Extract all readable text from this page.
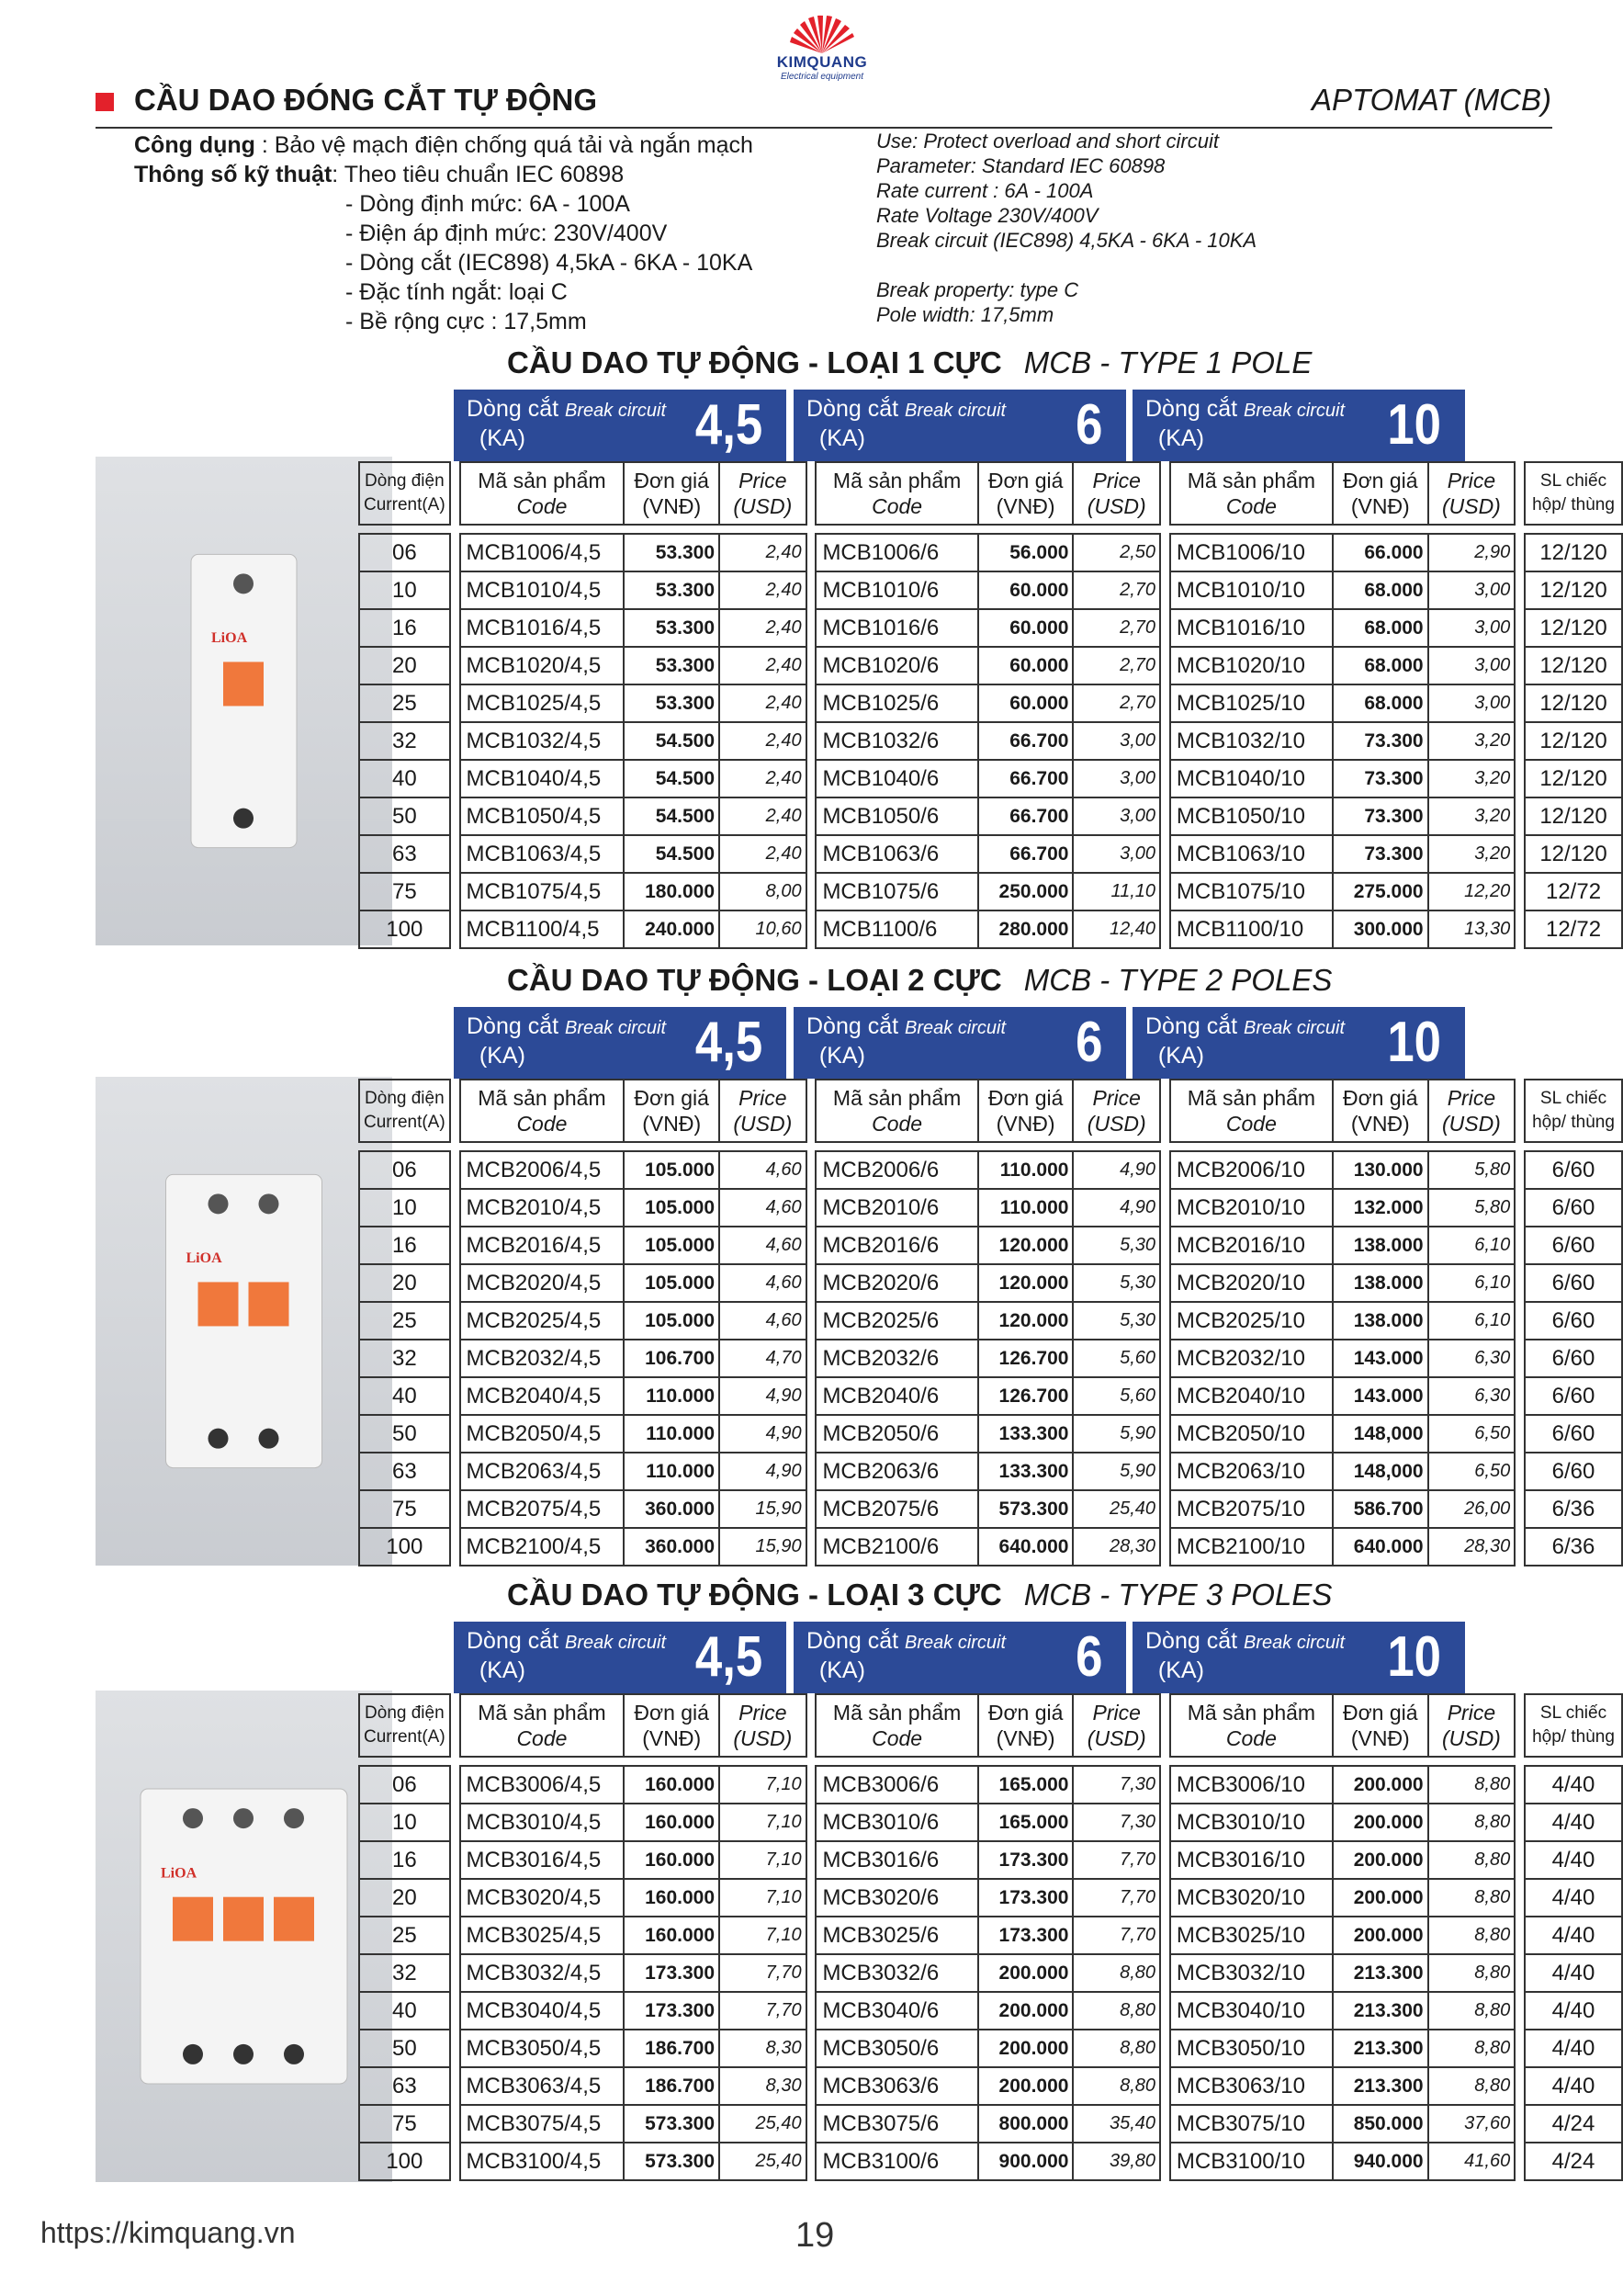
KIMQUANG
Electrical equipment
CẦU DAO ĐÓNG CẮT TỰ ĐỘNG	APTOMAT (MCB)
Công dụng : Bảo vệ mạch điện chống quá tải và ngắn mạch
Thông số kỹ thuật: Theo tiêu chuẩn IEC 60898
- Dòng định mức: 6A - 100A
- Điện áp định mức: 230V/400V
- Dòng cắt (IEC898) 4,5kA - 6KA - 10KA
- Đặc tính ngắt: loại C
- Bề rộng cực : 17,5mm
Use: Protect overload and short circuit
Parameter: Standard IEC 60898
Rate current : 6A - 100A
Rate Voltage 230V/400V
Break circuit (IEC898) 4,5KA - 6KA - 10KA
Break property: type C
Pole width: 17,5mm
CẦU DAO TỰ ĐỘNG - LOẠI 1 CỰC MCB - TYPE 1 POLE
LiOA
Dòng cắt Break circuit
(KA)	4,5 Dòng cắt Break circuit
(KA)	6 Dòng cắt Break circuit
(KA)	10
Dòng điện
Current(A)		Mã sản phẩm
Code	Đơn giá
(VNĐ)	Price
(USD)		Mã sản phẩm
Code	Đơn giá
(VNĐ)	Price
(USD)		Mã sản phẩm
Code	Đơn giá
(VNĐ)	Price
(USD)		SL chiếc
hộp/ thùng

06		MCB1006/4,5	53.300	2,40		MCB1006/6	56.000	2,50		MCB1006/10	66.000	2,90		12/120
10		MCB1010/4,5	53.300	2,40		MCB1010/6	60.000	2,70		MCB1010/10	68.000	3,00		12/120
16		MCB1016/4,5	53.300	2,40		MCB1016/6	60.000	2,70		MCB1016/10	68.000	3,00		12/120
20		MCB1020/4,5	53.300	2,40		MCB1020/6	60.000	2,70		MCB1020/10	68.000	3,00		12/120
25		MCB1025/4,5	53.300	2,40		MCB1025/6	60.000	2,70		MCB1025/10	68.000	3,00		12/120
32		MCB1032/4,5	54.500	2,40		MCB1032/6	66.700	3,00		MCB1032/10	73.300	3,20		12/120
40		MCB1040/4,5	54.500	2,40		MCB1040/6	66.700	3,00		MCB1040/10	73.300	3,20		12/120
50		MCB1050/4,5	54.500	2,40		MCB1050/6	66.700	3,00		MCB1050/10	73.300	3,20		12/120
63		MCB1063/4,5	54.500	2,40		MCB1063/6	66.700	3,00		MCB1063/10	73.300	3,20		12/120
75		MCB1075/4,5	180.000	8,00		MCB1075/6	250.000	11,10		MCB1075/10	275.000	12,20		12/72
100		MCB1100/4,5	240.000	10,60		MCB1100/6	280.000	12,40		MCB1100/10	300.000	13,30		12/72
CẦU DAO TỰ ĐỘNG - LOẠI 2 CỰC MCB - TYPE 2 POLES
LiOA
Dòng cắt Break circuit
(KA)	4,5 Dòng cắt Break circuit
(KA)	6 Dòng cắt Break circuit
(KA)	10
Dòng điện
Current(A)		Mã sản phẩm
Code	Đơn giá
(VNĐ)	Price
(USD)		Mã sản phẩm
Code	Đơn giá
(VNĐ)	Price
(USD)		Mã sản phẩm
Code	Đơn giá
(VNĐ)	Price
(USD)		SL chiếc
hộp/ thùng

06		MCB2006/4,5	105.000	4,60		MCB2006/6	110.000	4,90		MCB2006/10	130.000	5,80		6/60
10		MCB2010/4,5	105.000	4,60		MCB2010/6	110.000	4,90		MCB2010/10	132.000	5,80		6/60
16		MCB2016/4,5	105.000	4,60		MCB2016/6	120.000	5,30		MCB2016/10	138.000	6,10		6/60
20		MCB2020/4,5	105.000	4,60		MCB2020/6	120.000	5,30		MCB2020/10	138.000	6,10		6/60
25		MCB2025/4,5	105.000	4,60		MCB2025/6	120.000	5,30		MCB2025/10	138.000	6,10		6/60
32		MCB2032/4,5	106.700	4,70		MCB2032/6	126.700	5,60		MCB2032/10	143.000	6,30		6/60
40		MCB2040/4,5	110.000	4,90		MCB2040/6	126.700	5,60		MCB2040/10	143.000	6,30		6/60
50		MCB2050/4,5	110.000	4,90		MCB2050/6	133.300	5,90		MCB2050/10	148,000	6,50		6/60
63		MCB2063/4,5	110.000	4,90		MCB2063/6	133.300	5,90		MCB2063/10	148,000	6,50		6/60
75		MCB2075/4,5	360.000	15,90		MCB2075/6	573.300	25,40		MCB2075/10	586.700	26,00		6/36
100		MCB2100/4,5	360.000	15,90		MCB2100/6	640.000	28,30		MCB2100/10	640.000	28,30		6/36
CẦU DAO TỰ ĐỘNG - LOẠI 3 CỰC MCB - TYPE 3 POLES
LiOA
Dòng cắt Break circuit
(KA)	4,5 Dòng cắt Break circuit
(KA)	6 Dòng cắt Break circuit
(KA)	10
Dòng điện
Current(A)		Mã sản phẩm
Code	Đơn giá
(VNĐ)	Price
(USD)		Mã sản phẩm
Code	Đơn giá
(VNĐ)	Price
(USD)		Mã sản phẩm
Code	Đơn giá
(VNĐ)	Price
(USD)		SL chiếc
hộp/ thùng

06		MCB3006/4,5	160.000	7,10		MCB3006/6	165.000	7,30		MCB3006/10	200.000	8,80		4/40
10		MCB3010/4,5	160.000	7,10		MCB3010/6	165.000	7,30		MCB3010/10	200.000	8,80		4/40
16		MCB3016/4,5	160.000	7,10		MCB3016/6	173.300	7,70		MCB3016/10	200.000	8,80		4/40
20		MCB3020/4,5	160.000	7,10		MCB3020/6	173.300	7,70		MCB3020/10	200.000	8,80		4/40
25		MCB3025/4,5	160.000	7,10		MCB3025/6	173.300	7,70		MCB3025/10	200.000	8,80		4/40
32		MCB3032/4,5	173.300	7,70		MCB3032/6	200.000	8,80		MCB3032/10	213.300	8,80		4/40
40		MCB3040/4,5	173.300	7,70		MCB3040/6	200.000	8,80		MCB3040/10	213.300	8,80		4/40
50		MCB3050/4,5	186.700	8,30		MCB3050/6	200.000	8,80		MCB3050/10	213.300	8,80		4/40
63		MCB3063/4,5	186.700	8,30		MCB3063/6	200.000	8,80		MCB3063/10	213.300	8,80		4/40
75		MCB3075/4,5	573.300	25,40		MCB3075/6	800.000	35,40		MCB3075/10	850.000	37,60		4/24
100		MCB3100/4,5	573.300	25,40		MCB3100/6	900.000	39,80		MCB3100/10	940.000	41,60		4/24
https://kimquang.vn	19
